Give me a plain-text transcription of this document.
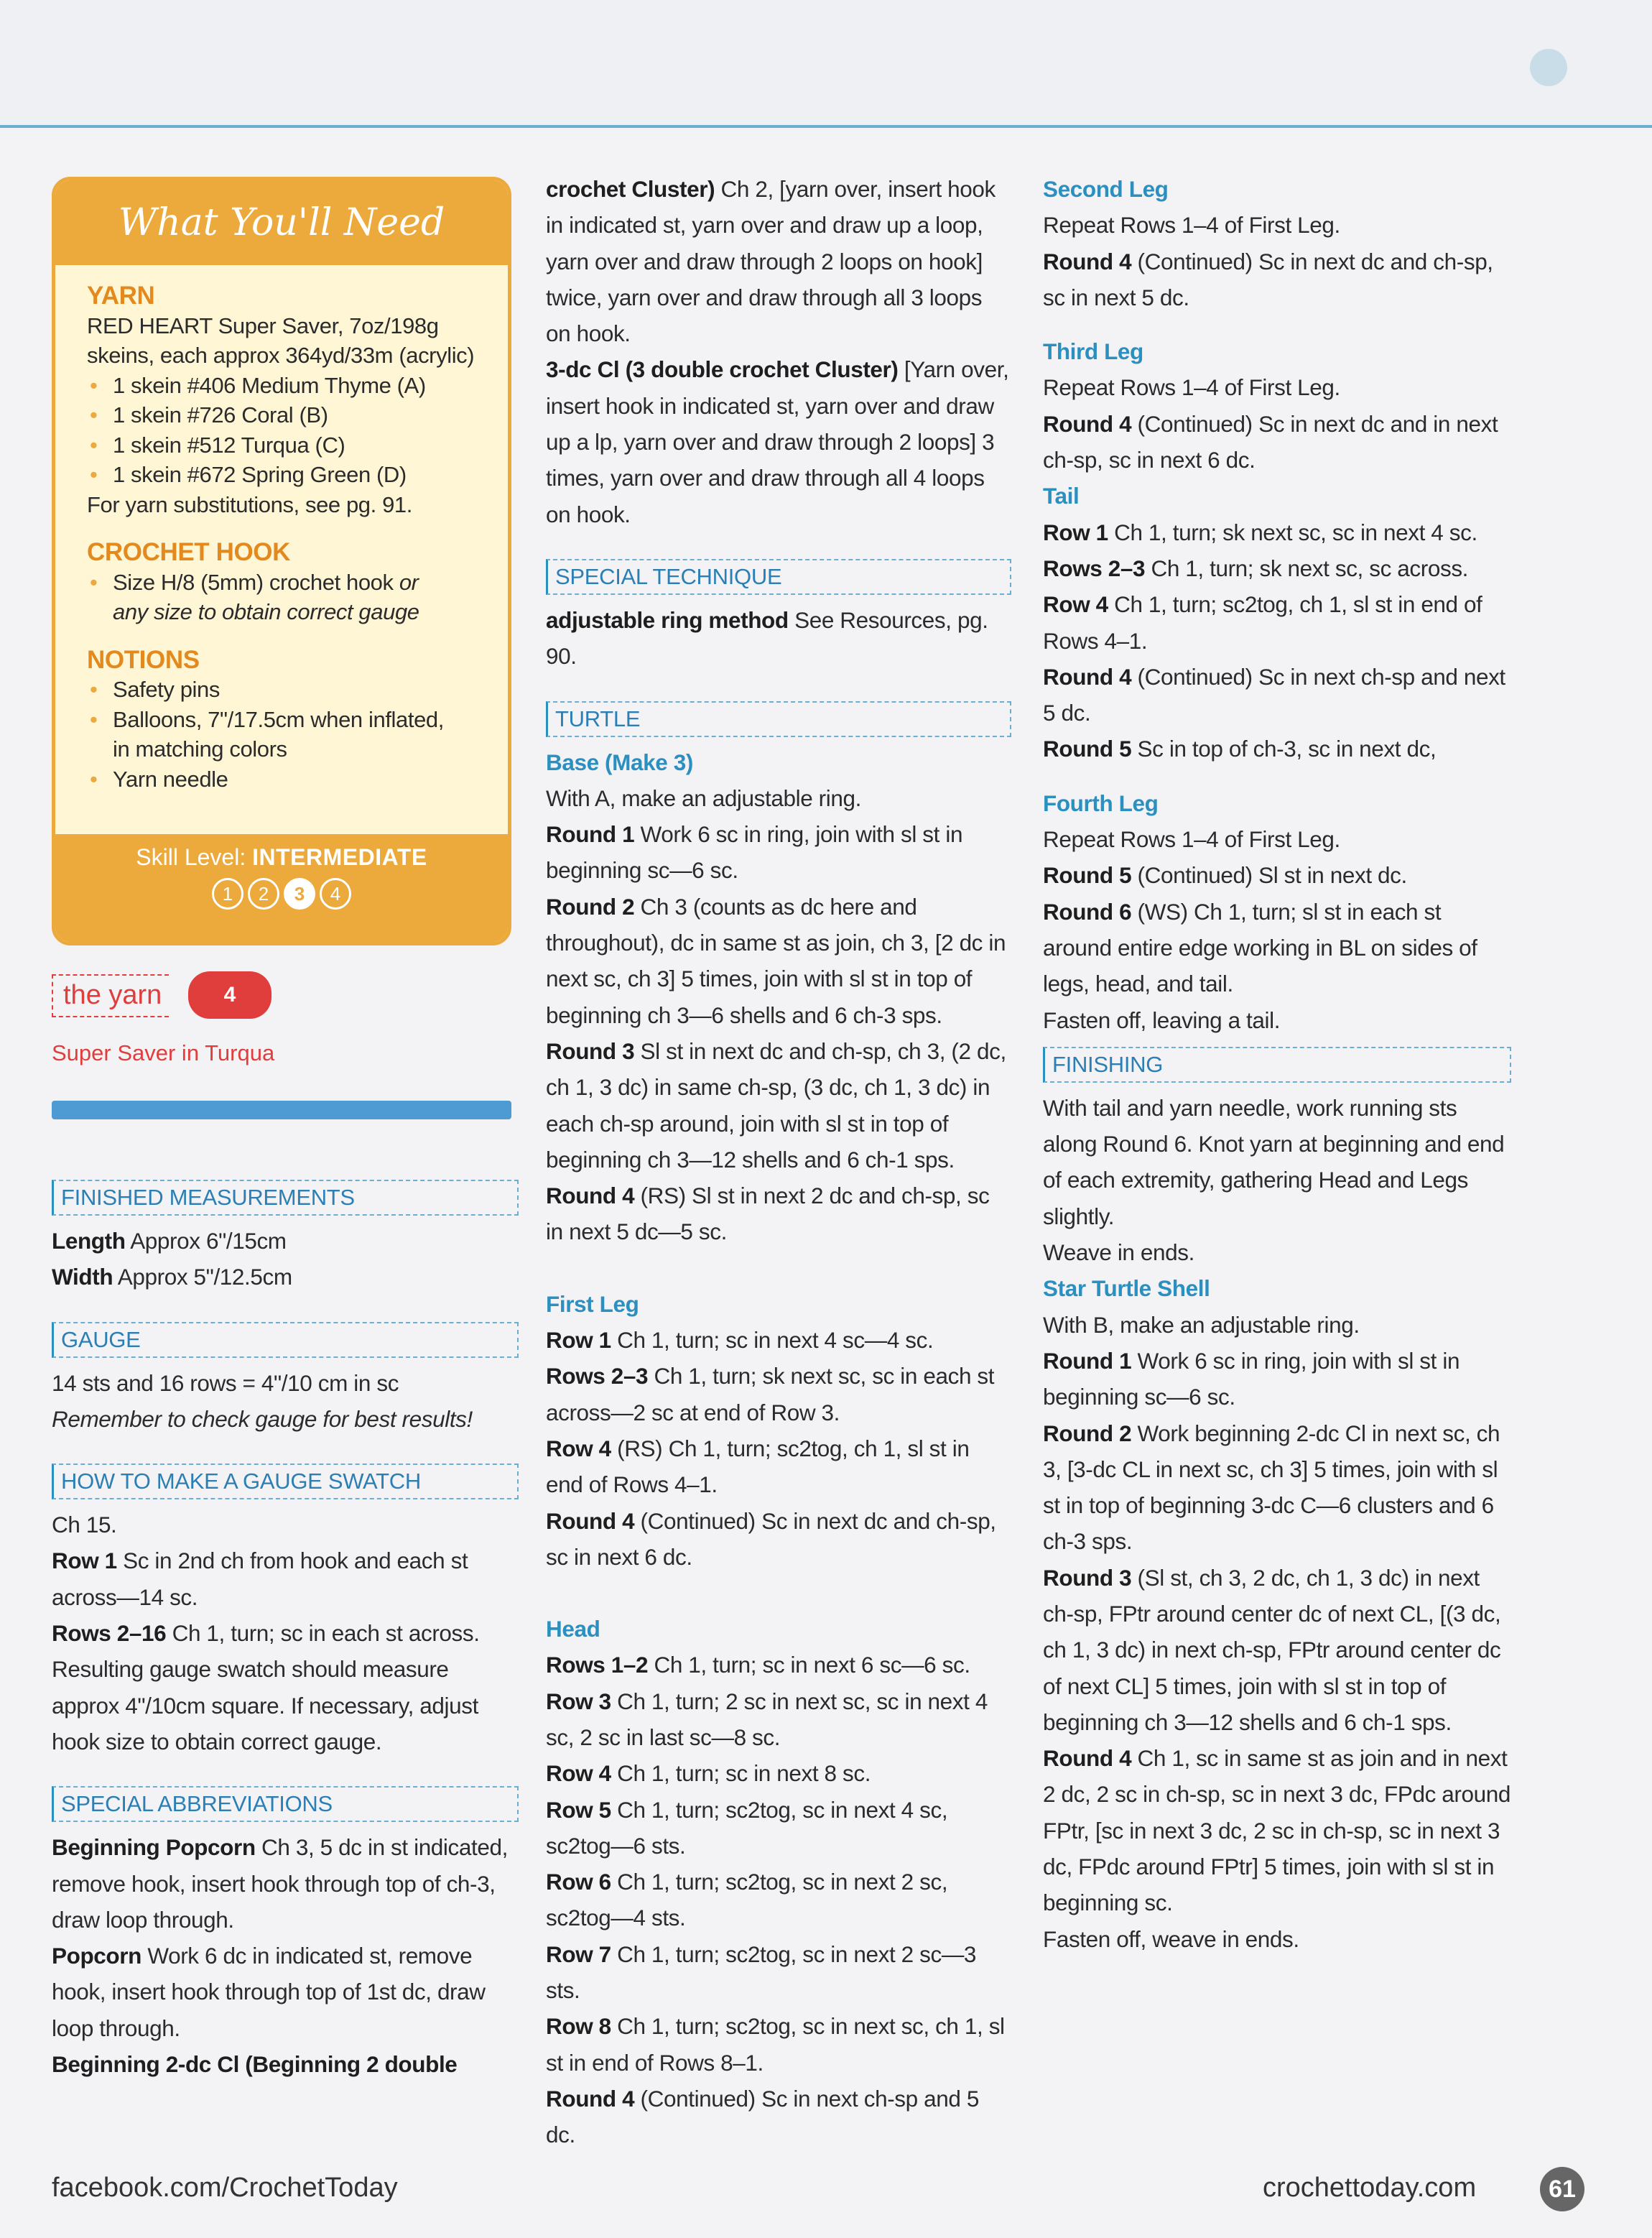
What You'll Need

YARN

RED HEART Super Saver, 7oz/198g

skeins, each approx 364yd/33m (acrylic)

• 1 skein #406 Medium Thyme (A)

• 1 skein #726 Coral (B)

• 1 skein #512 Turqua (C)

• 1 skein #672 Spring Green (D)

For yarn substitutions, see pg. 91.

CROCHET HOOK

• Size H/8 (5mm) crochet hook or

any size to obtain correct gauge

NOTIONS

• Safety pins

• Balloons, 7"/17.5cm when inflated,

in matching colors

• Yarn needle

Skill Level: INTERMEDIATE
1	2	3	4
the yarn	4
Super Saver in Turqua
FINISHED MEASUREMENTS

Length Approx 6"/15cm

Width Approx 5"/12.5cm

GAUGE

14 sts and 16 rows = 4"/10 cm in sc

Remember to check gauge for best results!

HOW TO MAKE A GAUGE SWATCH

Ch 15.

Row 1 Sc in 2nd ch from hook and each st across—14 sc.

Rows 2–16 Ch 1, turn; sc in each st across. Resulting gauge swatch should measure approx 4"/10cm square. If necessary, adjust hook size to obtain correct gauge.

SPECIAL ABBREVIATIONS

Beginning Popcorn Ch 3, 5 dc in st indicated, remove hook, insert hook through top of ch-3, draw loop through.

Popcorn Work 6 dc in indicated st, remove hook, insert hook through top of 1st dc, draw loop through.

Beginning 2-dc Cl (Beginning 2 double

crochet Cluster) Ch 2, [yarn over, insert hook in indicated st, yarn over and draw up a loop, yarn over and draw through 2 loops on hook] twice, yarn over and draw through all 3 loops on hook.

3-dc Cl (3 double crochet Cluster) [Yarn over, insert hook in indicated st, yarn over and draw up a lp, yarn over and draw through 2 loops] 3 times, yarn over and draw through all 4 loops on hook.

SPECIAL TECHNIQUE

adjustable ring method See Resources, pg. 90.

TURTLE

Base (Make 3)

With A, make an adjustable ring.

Round 1 Work 6 sc in ring, join with sl st in beginning sc—6 sc.

Round 2 Ch 3 (counts as dc here and throughout), dc in same st as join, ch 3, [2 dc in next sc, ch 3] 5 times, join with sl st in top of beginning ch 3—6 shells and 6 ch-3 sps.

Round 3 Sl st in next dc and ch-sp, ch 3, (2 dc, ch 1, 3 dc) in same ch-sp, (3 dc, ch 1, 3 dc) in each ch-sp around, join with sl st in top of beginning ch 3—12 shells and 6 ch-1 sps.

Round 4 (RS) Sl st in next 2 dc and ch-sp, sc in next 5 dc—5 sc.

First Leg

Row 1 Ch 1, turn; sc in next 4 sc—4 sc.

Rows 2–3 Ch 1, turn; sk next sc, sc in each st across—2 sc at end of Row 3.

Row 4 (RS) Ch 1, turn; sc2tog, ch 1, sl st in end of Rows 4–1.

Round 4 (Continued) Sc in next dc and ch-sp, sc in next 6 dc.

Head

Rows 1–2 Ch 1, turn; sc in next 6 sc—6 sc.

Row 3 Ch 1, turn; 2 sc in next sc, sc in next 4 sc, 2 sc in last sc—8 sc.

Row 4 Ch 1, turn; sc in next 8 sc.

Row 5 Ch 1, turn; sc2tog, sc in next 4 sc, sc2tog—6 sts.

Row 6 Ch 1, turn; sc2tog, sc in next 2 sc, sc2tog—4 sts.

Row 7 Ch 1, turn; sc2tog, sc in next 2 sc—3 sts.

Row 8 Ch 1, turn; sc2tog, sc in next sc, ch 1, sl st in end of Rows 8–1.

Round 4 (Continued) Sc in next ch-sp and 5 dc.

Second Leg

Repeat Rows 1–4 of First Leg.

Round 4 (Continued) Sc in next dc and ch-sp, sc in next 5 dc.

Third Leg

Repeat Rows 1–4 of First Leg.

Round 4 (Continued) Sc in next dc and in next ch-sp, sc in next 6 dc.

Tail

Row 1 Ch 1, turn; sk next sc, sc in next 4 sc.

Rows 2–3 Ch 1, turn; sk next sc, sc across.

Row 4 Ch 1, turn; sc2tog, ch 1, sl st in end of Rows 4–1.

Round 4 (Continued) Sc in next ch-sp and next 5 dc.

Round 5 Sc in top of ch-3, sc in next dc,

Fourth Leg

Repeat Rows 1–4 of First Leg.

Round 5 (Continued) Sl st in next dc.

Round 6 (WS) Ch 1, turn; sl st in each st around entire edge working in BL on sides of legs, head, and tail.

Fasten off, leaving a tail.

FINISHING

With tail and yarn needle, work running sts along Round 6. Knot yarn at beginning and end of each extremity, gathering Head and Legs slightly.

Weave in ends.

Star Turtle Shell

With B, make an adjustable ring.

Round 1 Work 6 sc in ring, join with sl st in beginning sc—6 sc.

Round 2 Work beginning 2-dc Cl in next sc, ch 3, [3-dc CL in next sc, ch 3] 5 times, join with sl st in top of beginning 3-dc C—6 clusters and 6 ch-3 sps.

Round 3 (Sl st, ch 3, 2 dc, ch 1, 3 dc) in next ch-sp, FPtr around center dc of next CL, [(3 dc, ch 1, 3 dc) in next ch-sp, FPtr around center dc of next CL] 5 times, join with sl st in top of beginning ch 3—12 shells and 6 ch-1 sps.

Round 4 Ch 1, sc in same st as join and in next 2 dc, 2 sc in ch-sp, sc in next 3 dc, FPdc around FPtr, [sc in next 3 dc, 2 sc in ch-sp, sc in next 3 dc, FPdc around FPtr] 5 times, join with sl st in beginning sc.

Fasten off, weave in ends.

facebook.com/CrochetToday	crochettoday.com	61
